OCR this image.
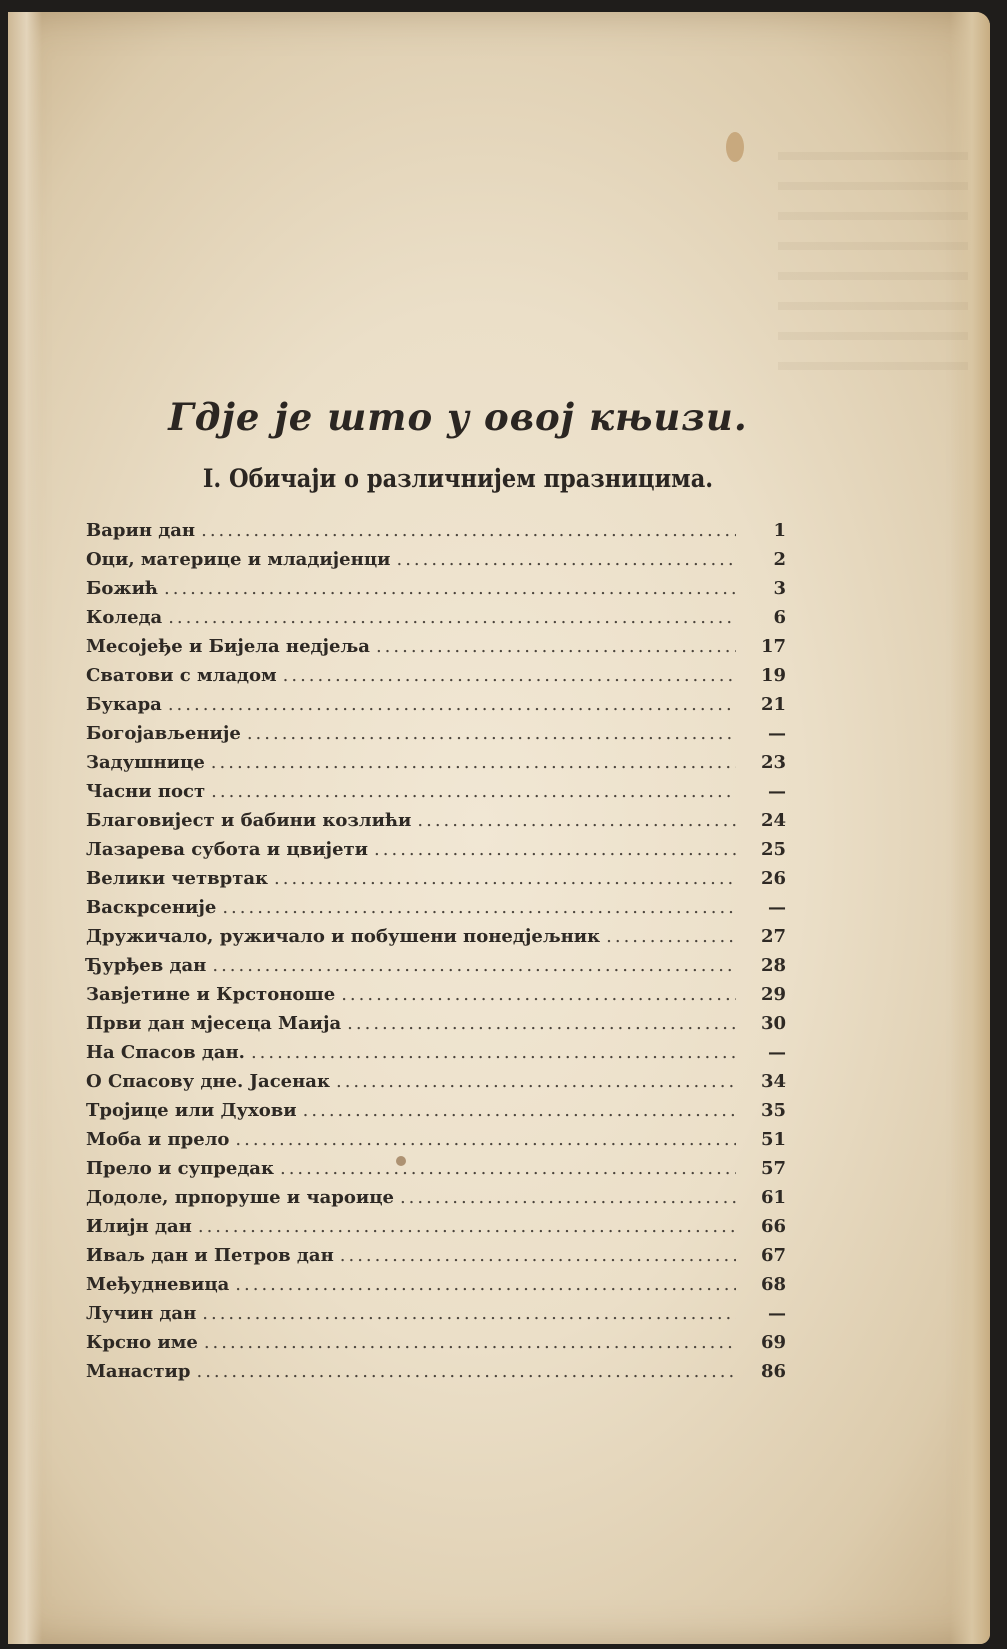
Гдје је што у овој књизи.
I. Обичаји о различнијем празницима.
Варин дан .....	1
Оци, материце и младијенци .....	2
Божић .....	3
Коледа .....	6
Месојеђе и Бијела недјеља .....	17
Сватови с младом .....	19
Букара .....	21
Богојављеније .....	—
Задушнице .....	23
Часни пост .....	—
Благовијест и бабини козлићи .....	24
Лазарева субота и цвијети .....	25
Велики четвртак .....	26
Васкрсеније .....	—
Дружичало, ружичало и побушени понедјељник .....	27
Ђурђев дан .....	28
Завјетине и Крстоноше .....	29
Први дан мјесеца Маија .....	30
На Спасов дан. .....	—
О Спасову дне. Јасенак .....	34
Тројице или Духови .....	35
Моба и прело .....	51
Прело и супредак .....	57
Додоле, прпоруше и чароице .....	61
Илијн дан .....	66
Иваљ дан и Петров дан .....	67
Међудневица .....	68
Лучин дан .....	—
Крсно име .....	69
Манастир .....	86
